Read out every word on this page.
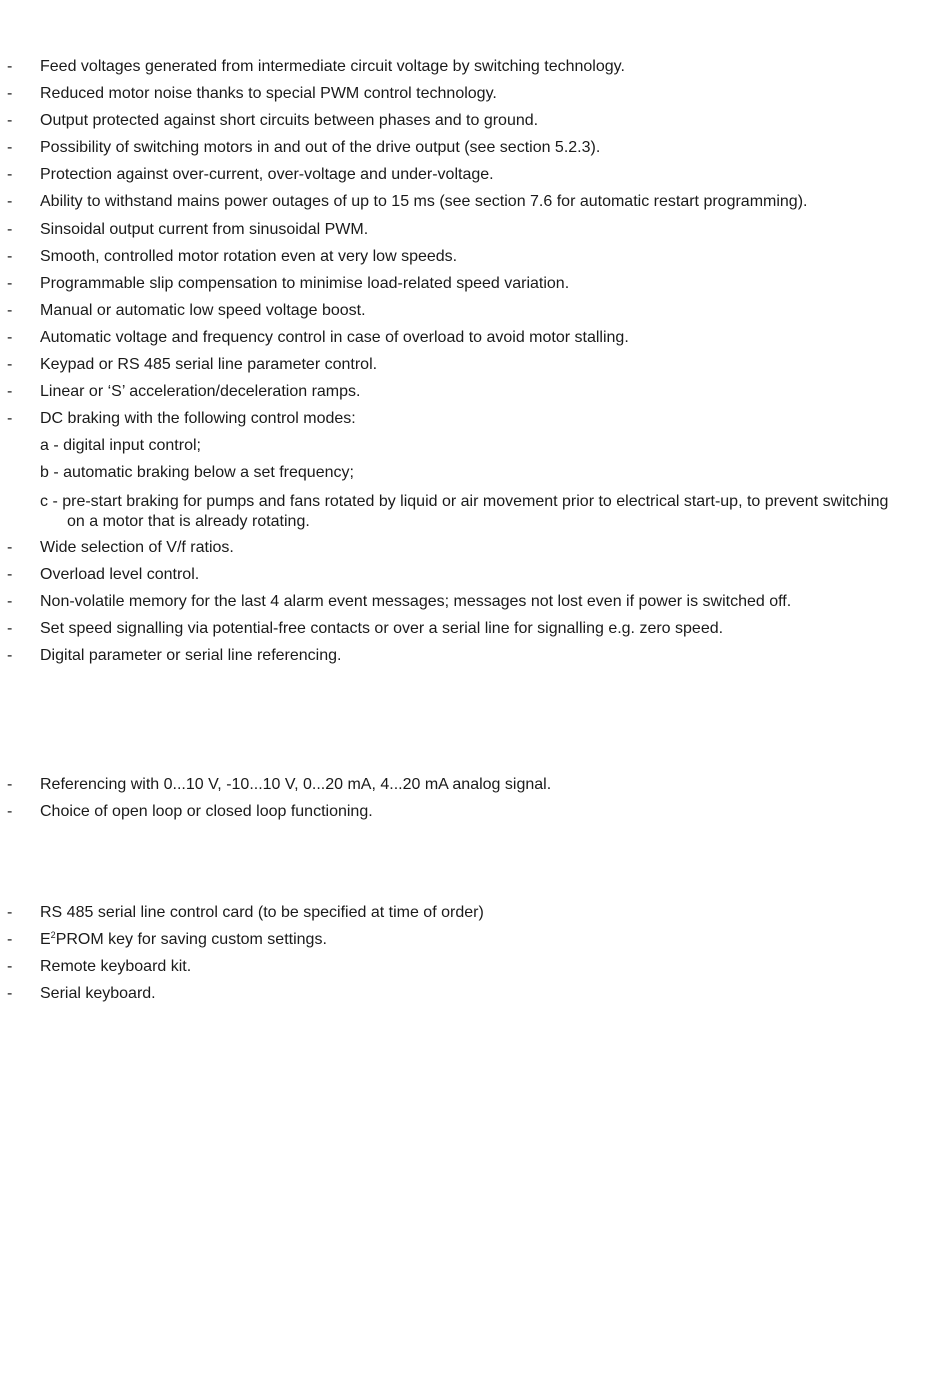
- Feed voltages generated from intermediate circuit voltage by switching technology.
- Reduced motor noise thanks to special PWM control technology.
- Output protected against short circuits between phases and to ground.
- Possibility of switching motors in and out of the drive output (see section 5.2.3).
- Protection against over-current, over-voltage and under-voltage.
- Ability to withstand mains power outages of up to 15 ms (see section 7.6 for automatic restart programming).
- Sinsoidal output current from sinusoidal PWM.
- Smooth, controlled motor rotation even at very low speeds.
- Programmable slip compensation to minimise load-related speed variation.
- Manual or automatic low speed voltage boost.
- Automatic voltage and frequency control in case of overload to avoid motor stalling.
- Keypad or RS 485 serial line parameter control.
- Linear or ‘S’ acceleration/deceleration ramps.
- DC braking with the following control modes:
a - digital input control;
b - automatic braking below a set frequency;
c - pre-start braking for pumps and fans rotated by liquid or air movement prior to electrical start-up, to prevent switching
on a motor that is already rotating.
- Wide selection of V/f ratios.
- Overload level control.
- Non-volatile memory for the last 4 alarm event messages; messages not lost even if power is switched off.
- Set speed signalling via potential-free contacts or over a serial line for signalling e.g. zero speed.
- Digital parameter or serial line referencing.
- Referencing with 0...10 V, -10...10 V, 0...20 mA, 4...20 mA analog signal.
- Choice of open loop or closed loop functioning.
- RS 485 serial line control card (to be specified at time of order)
- $E^2PROM$ key for saving custom settings.
- Remote keyboard kit.
- Serial keyboard.
